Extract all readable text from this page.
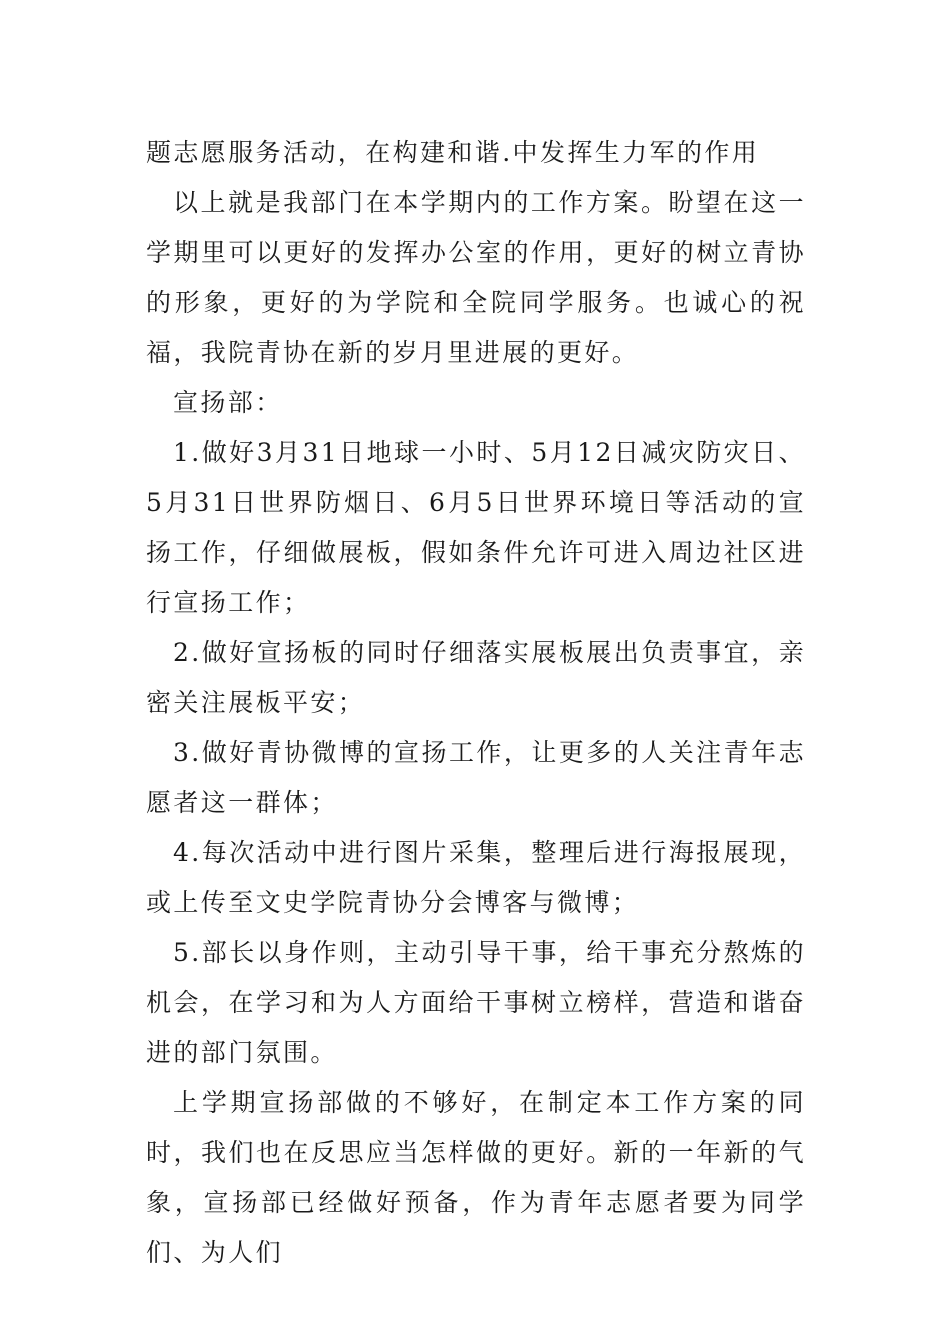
题志愿服务活动，在构建和谐.中发挥生力军的作用

以上就是我部门在本学期内的工作方案。盼望在这一学期里可以更好的发挥办公室的作用，更好的树立青协的形象，更好的为学院和全院同学服务。也诚心的祝福，我院青协在新的岁月里进展的更好。

宣扬部：

1.做好3月31日地球一小时、5月12日减灾防灾日、5月31日世界防烟日、6月5日世界环境日等活动的宣扬工作，仔细做展板，假如条件允许可进入周边社区进行宣扬工作；

2.做好宣扬板的同时仔细落实展板展出负责事宜，亲密关注展板平安；

3.做好青协微博的宣扬工作，让更多的人关注青年志愿者这一群体；

4.每次活动中进行图片采集，整理后进行海报展现，或上传至文史学院青协分会博客与微博；

5.部长以身作则，主动引导干事，给干事充分熬炼的机会，在学习和为人方面给干事树立榜样，营造和谐奋进的部门氛围。

上学期宣扬部做的不够好，在制定本工作方案的同时，我们也在反思应当怎样做的更好。新的一年新的气象，宣扬部已经做好预备，作为青年志愿者要为同学们、为人们
